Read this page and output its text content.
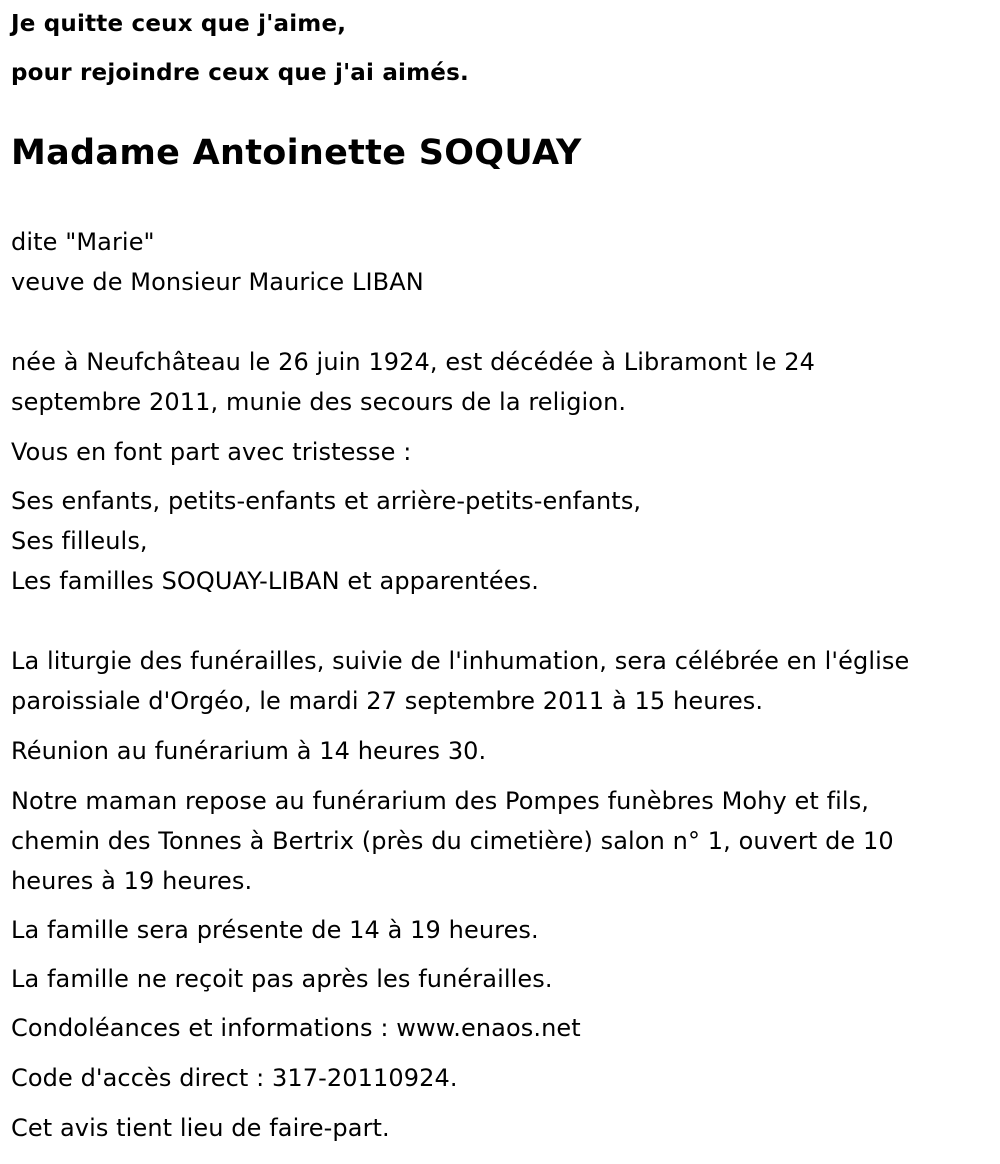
Je quitte ceux que j'aime,
pour rejoindre ceux que j'ai aimés.
Madame Antoinette SOQUAY
dite "Marie"
veuve de Monsieur Maurice LIBAN
née à Neufchâteau le 26 juin 1924, est décédée à Libramont le 24
septembre 2011, munie des secours de la religion.
Vous en font part avec tristesse :
Ses enfants, petits-enfants et arrière-petits-enfants,
Ses filleuls,
Les familles SOQUAY-LIBAN et apparentées.
La liturgie des funérailles, suivie de l'inhumation, sera célébrée en l'église
paroissiale d'Orgéo, le mardi 27 septembre 2011 à 15 heures.
Réunion au funérarium à 14 heures 30.
Notre maman repose au funérarium des Pompes funèbres Mohy et fils,
chemin des Tonnes à Bertrix (près du cimetière) salon n° 1, ouvert de 10
heures à 19 heures.
La famille sera présente de 14 à 19 heures.
La famille ne reçoit pas après les funérailles.
Condoléances et informations : www.enaos.net
Code d'accès direct : 317-20110924.
Cet avis tient lieu de faire-part.
